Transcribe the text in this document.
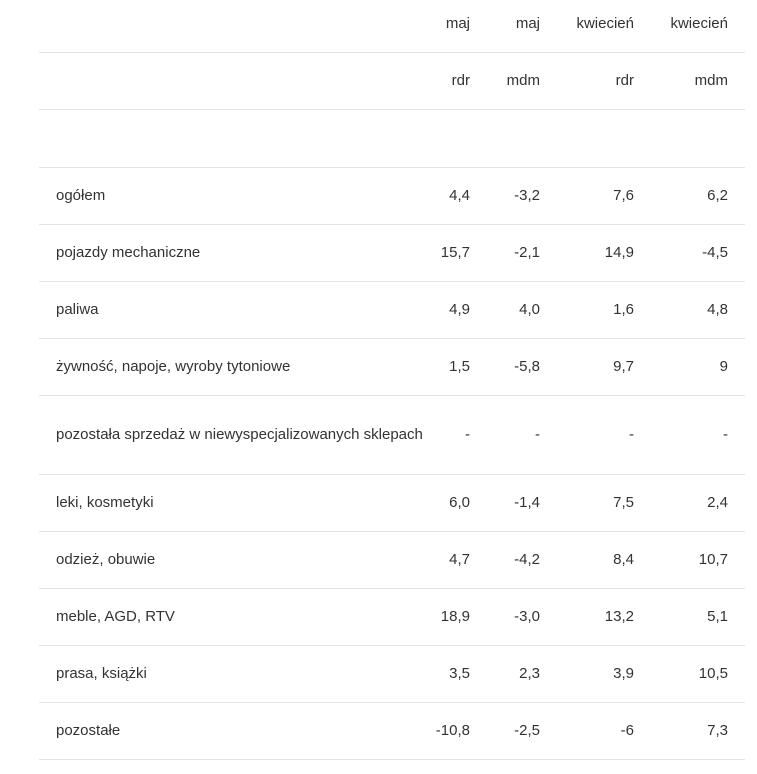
	maj	maj	kwiecień	kwiecień
	rdr	mdm	rdr	mdm

ogółem	4,4	-3,2	7,6	6,2
pojazdy mechaniczne	15,7	-2,1	14,9	-4,5
paliwa	4,9	4,0	1,6	4,8
żywność, napoje, wyroby tytoniowe	1,5	-5,8	9,7	9
pozostała sprzedaż w niewyspecjalizowanych sklepach	-	-	-	-
leki, kosmetyki	6,0	-1,4	7,5	2,4
odzież, obuwie	4,7	-4,2	8,4	10,7
meble, AGD, RTV	18,9	-3,0	13,2	5,1
prasa, książki	3,5	2,3	3,9	10,5
pozostałe	-10,8	-2,5	-6	7,3
